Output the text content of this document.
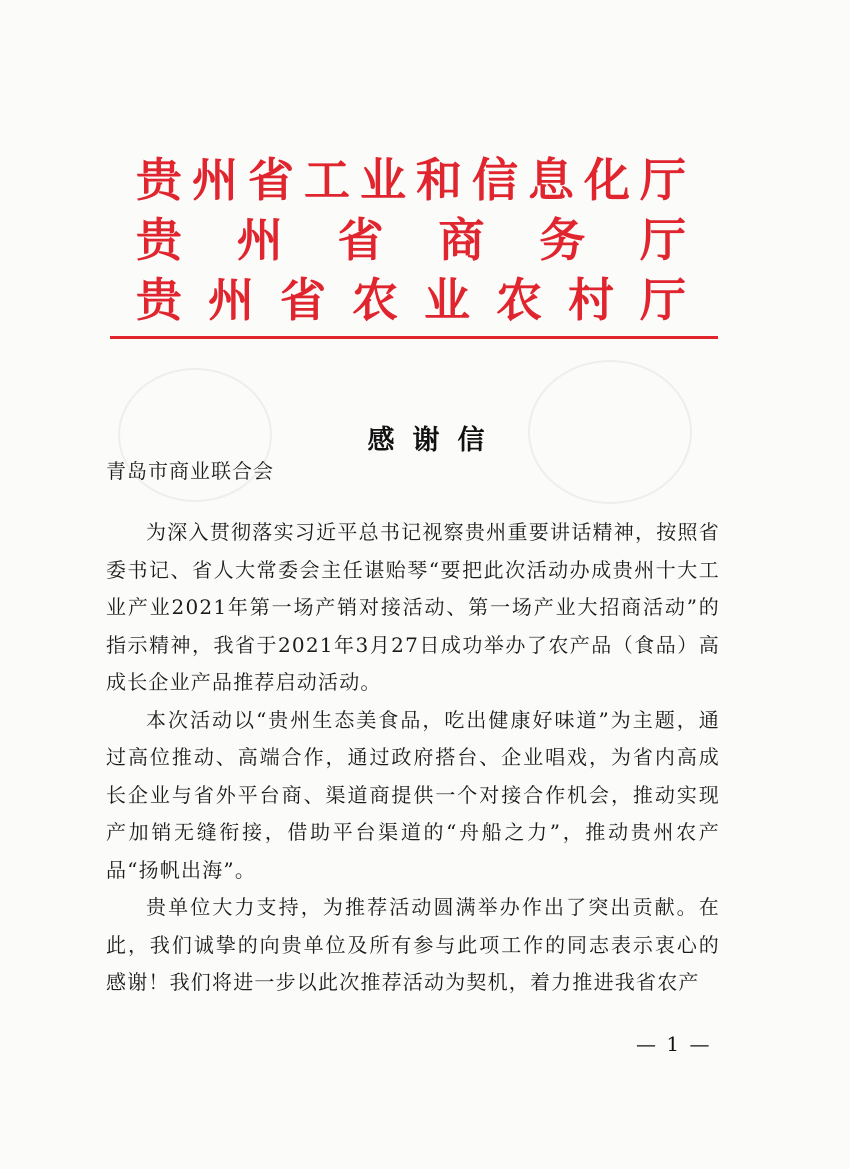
贵 州 省 工 业 和 信 息 化 厅
贵 州 省 商 务 厅
贵 州 省 农 业 农 村 厅
感谢信
青岛市商业联合会

为深入贯彻落实习近平总书记视察贵州重要讲话精神，按照省委书记、省人大常委会主任谌贻琴“要把此次活动办成贵州十大工业产业2021年第一场产销对接活动、第一场产业大招商活动”的指示精神，我省于2021年3月27日成功举办了农产品（食品）高成长企业产品推荐启动活动。

本次活动以“贵州生态美食品，吃出健康好味道”为主题，通过高位推动、高端合作，通过政府搭台、企业唱戏，为省内高成长企业与省外平台商、渠道商提供一个对接合作机会，推动实现产加销无缝衔接，借助平台渠道的“舟船之力”，推动贵州农产品“扬帆出海”。

贵单位大力支持，为推荐活动圆满举办作出了突出贡献。在此，我们诚挚的向贵单位及所有参与此项工作的同志表示衷心的感谢！我们将进一步以此次推荐活动为契机，着力推进我省农产

— 1 —
